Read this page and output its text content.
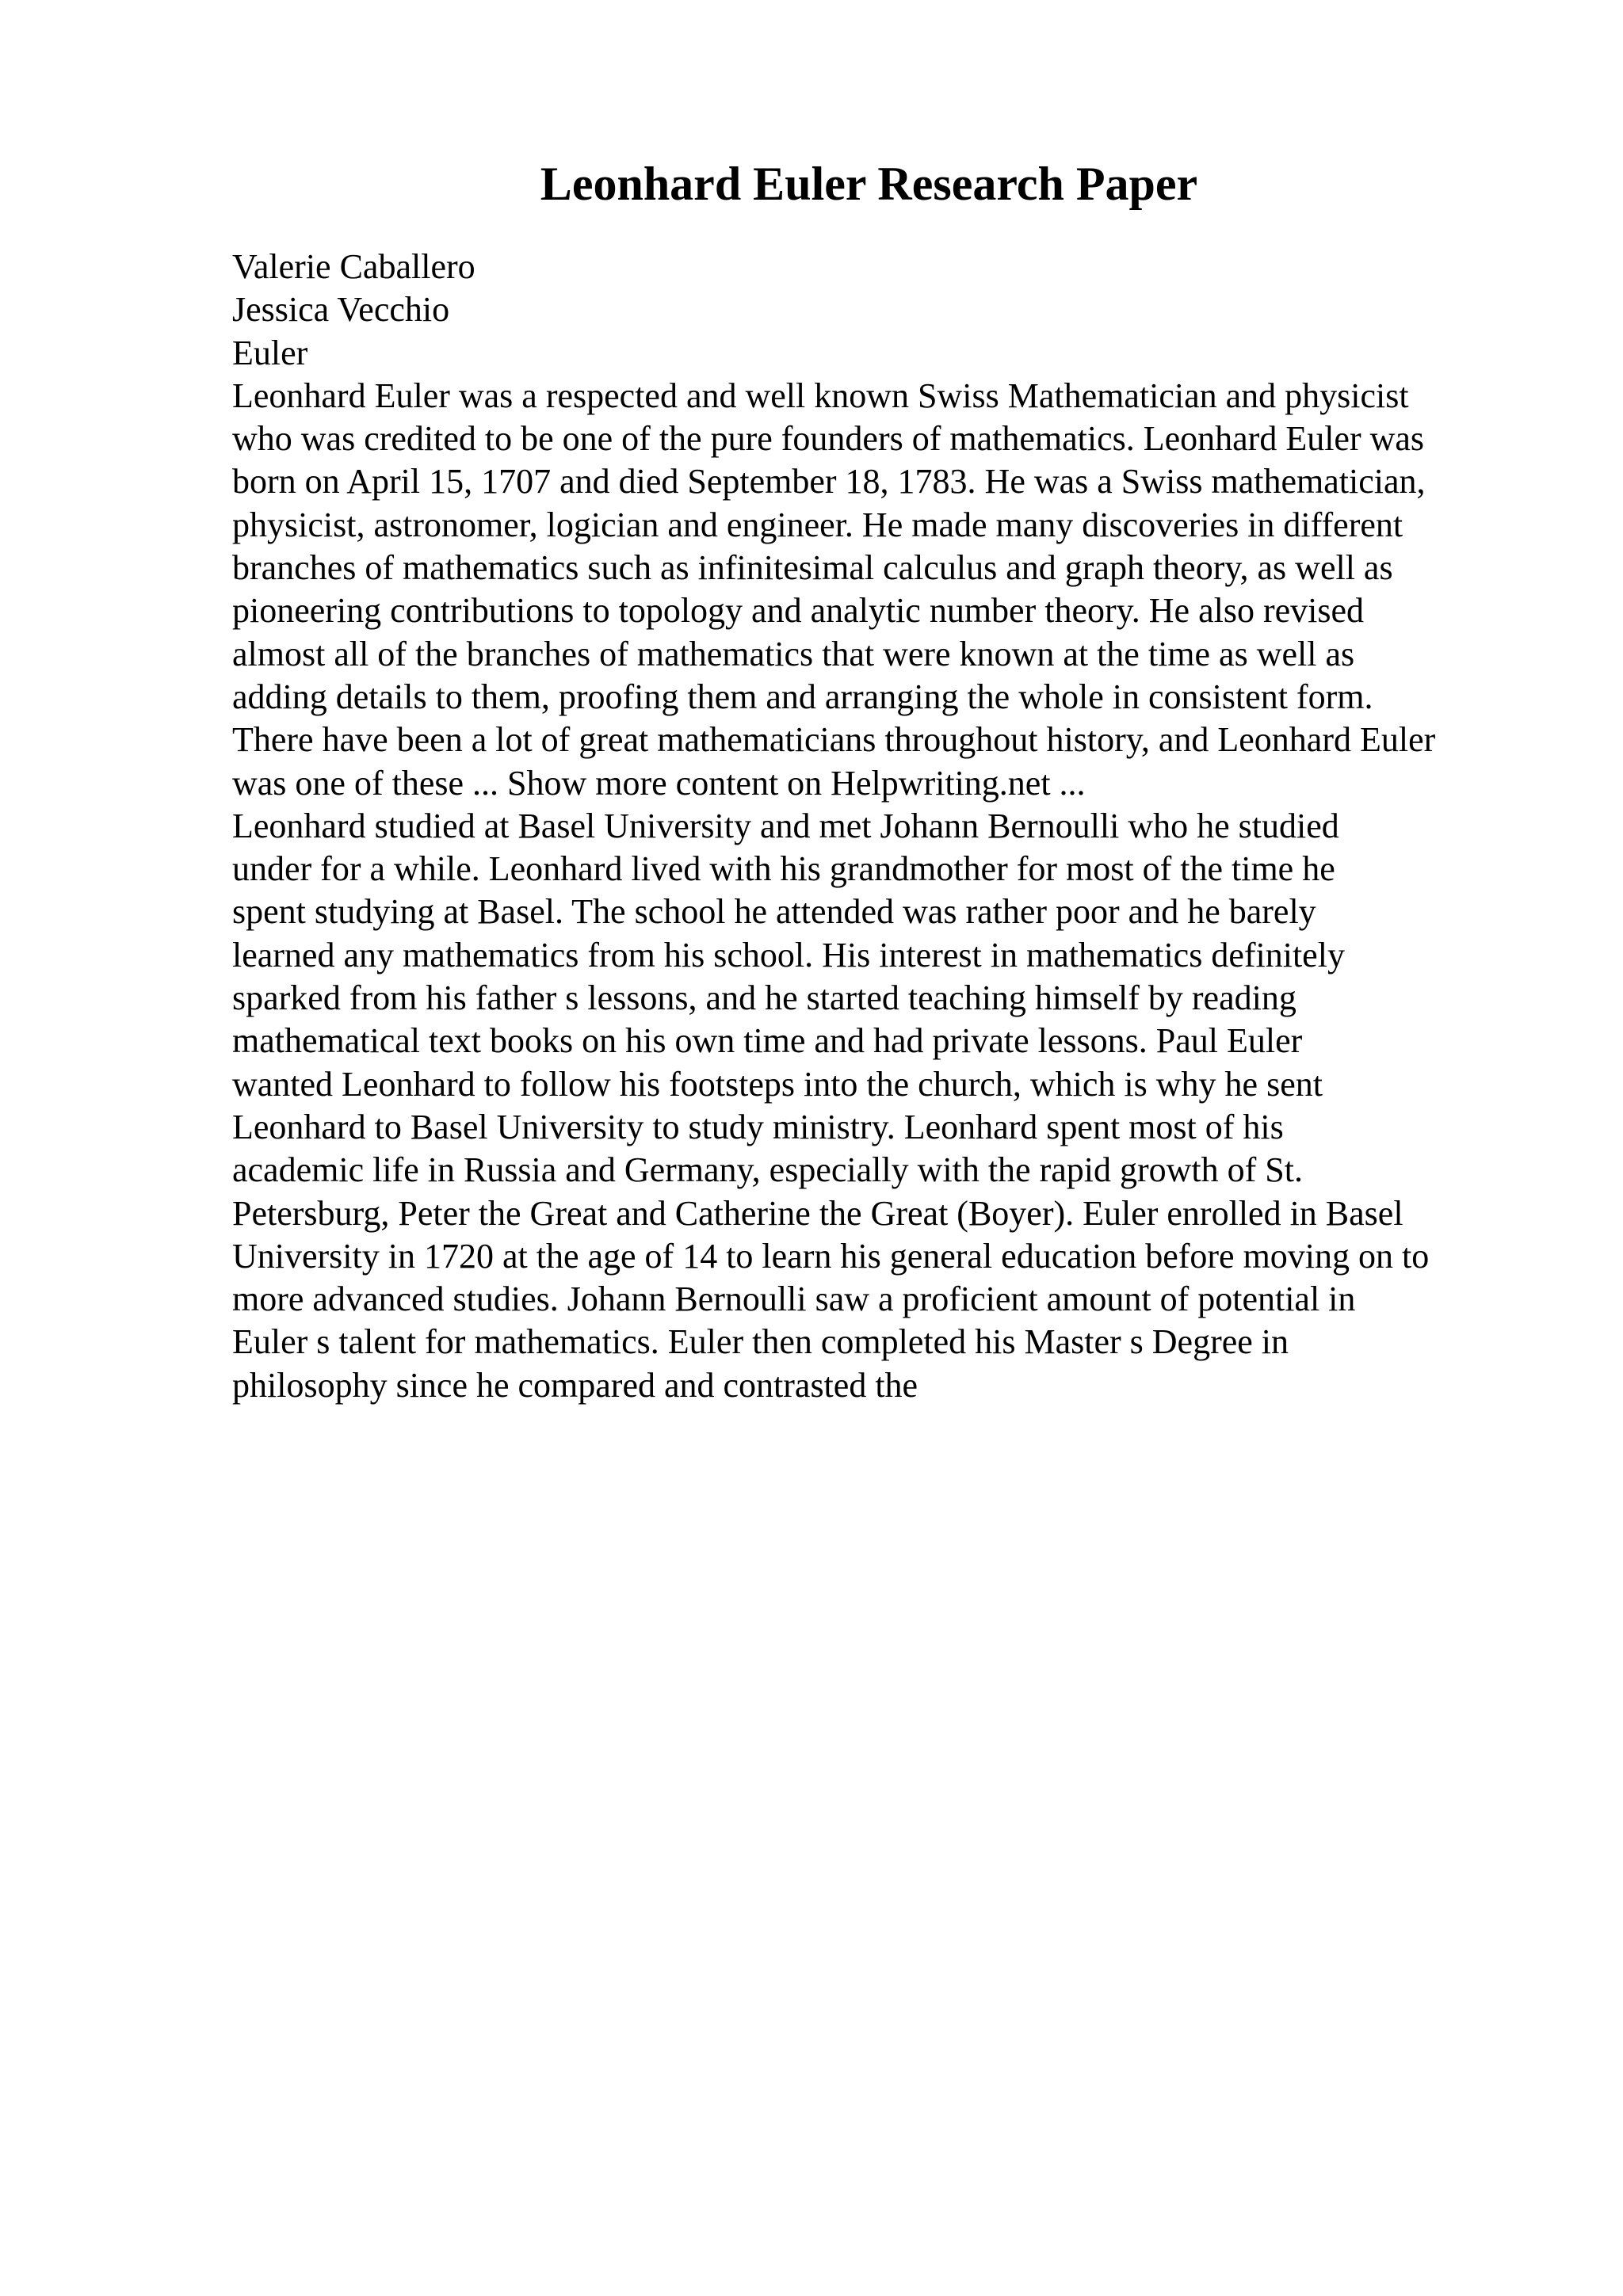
Leonhard Euler Research Paper
Valerie Caballero
Jessica Vecchio
Euler
Leonhard Euler was a respected and well known Swiss Mathematician and physicist
who was credited to be one of the pure founders of mathematics. Leonhard Euler was
born on April 15, 1707 and died September 18, 1783. He was a Swiss mathematician,
physicist, astronomer, logician and engineer. He made many discoveries in different
branches of mathematics such as infinitesimal calculus and graph theory, as well as
pioneering contributions to topology and analytic number theory. He also revised
almost all of the branches of mathematics that were known at the time as well as
adding details to them, proofing them and arranging the whole in consistent form.
There have been a lot of great mathematicians throughout history, and Leonhard Euler
was one of these ... Show more content on Helpwriting.net ...
Leonhard studied at Basel University and met Johann Bernoulli who he studied
under for a while. Leonhard lived with his grandmother for most of the time he
spent studying at Basel. The school he attended was rather poor and he barely
learned any mathematics from his school. His interest in mathematics definitely
sparked from his father s lessons, and he started teaching himself by reading
mathematical text books on his own time and had private lessons. Paul Euler
wanted Leonhard to follow his footsteps into the church, which is why he sent
Leonhard to Basel University to study ministry. Leonhard spent most of his
academic life in Russia and Germany, especially with the rapid growth of St.
Petersburg, Peter the Great and Catherine the Great (Boyer). Euler enrolled in Basel
University in 1720 at the age of 14 to learn his general education before moving on to
more advanced studies. Johann Bernoulli saw a proficient amount of potential in
Euler s talent for mathematics. Euler then completed his Master s Degree in
philosophy since he compared and contrasted the
